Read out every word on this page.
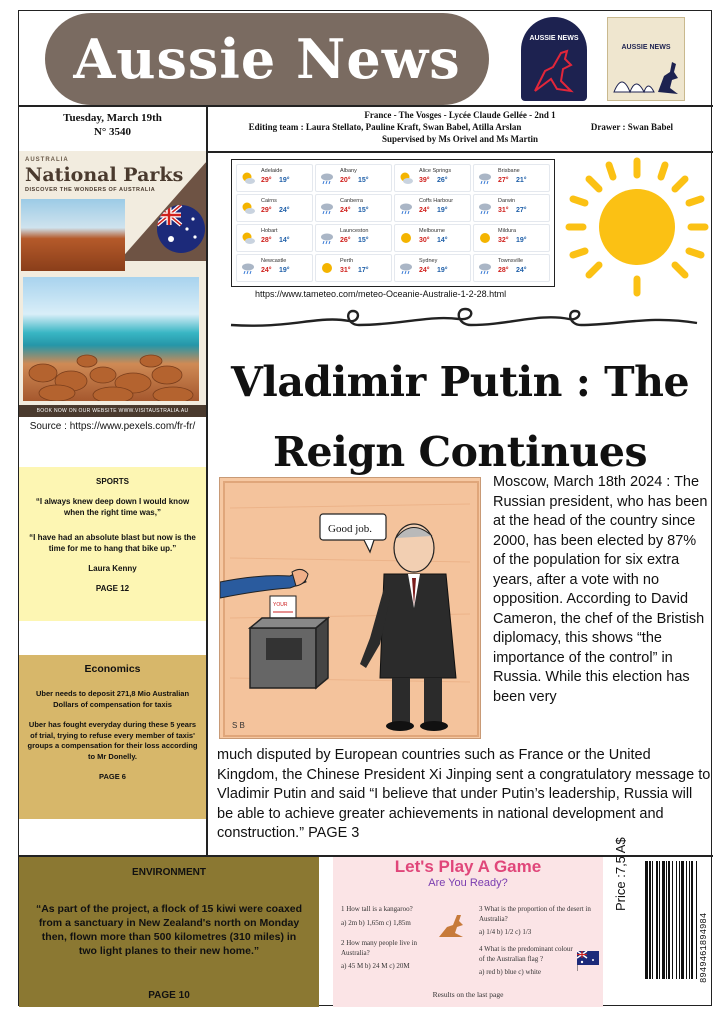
Aussie News	AUSSIE NEWS
AUSSIE NEWS
Tuesday, March 19th
N° 3540
France - The Vosges - Lycée Claude Gellée - 2nd 1
Editing team : Laura Stellato, Pauline Kraft, Swan Babel, Atilla Arslan	Drawer : Swan Babel
Supervised by Ms Orivel and Ms Martin
AUSTRALIA
National Parks
DISCOVER THE WONDERS OF AUSTRALIA
BOOK NOW ON OUR WEBSITE WWW.VISITAUSTRALIA.AU
Source : https://www.pexels.com/fr-fr/
SPORTS

“I always knew deep down I would know when the right time was,”

“I have had an absolute blast but now is the time for me to hang that bike up.”

Laura Kenny

PAGE 12

Economics

Uber needs to deposit 271,8 Mio Australian Dollars of compensation for taxis

Uber has fought everyday during these 5 years of trial, trying to refuse every member of taxis' groups a compensation for their loss according to Mr Donelly.

PAGE 6

Adelaide
29° 19°
Albany
20° 15°
Alice Springs
39° 26°
Brisbane
27° 21°
Cairns
29° 24°
Canberra
24° 15°
Coffs Harbour
24° 19°
Darwin
31° 27°
Hobart
28° 14°
Launceston
26° 15°
Melbourne
30° 14°
Mildura
32° 19°
Newcastle
24° 19°
Perth
31° 17°
Sydney
24° 19°
Townsville
28° 24°
https://www.tameteo.com/meteo-Oceanie-Australie-1-2-28.html
Vladimir Putin : The
Reign Continues
YOUR
Good job.
S B
Moscow, March 18th 2024 : The Russian president, who has been at the head of the country since 2000, has been elected by 87% of the population for six extra years, after a vote with no opposition. According to David Cameron, the chef of the Bristish diplomacy, this shows “the importance of the control” in Russia. While this election has been very
much disputed by European countries such as France or the United Kingdom, the Chinese President Xi Jinping sent a congratulatory message to Vladimir Putin and said “I believe that under Putin’s leadership, Russia will be able to achieve greater achievements in national development and construction.” PAGE 3
ENVIRONMENT

“As part of the project, a flock of 15 kiwi were coaxed from a sanctuary in New Zealand's north on Monday then, flown more than 500 kilometres (310 miles) in two light planes to their new home.”

PAGE 10
Let's Play A Game
Are You Ready?
1 How tall is a kangaroo?
a) 2m b) 1,65m c) 1,85m
2 How many people live in Australia?
a) 45 M b) 24 M c) 20M
3 What is the proportion of the desert in Australia?
a) 1/4 b) 1/2 c) 1/3
4 What is the predominant colour of the Australian flag ?
a) red b) blue c) white
Results on the last page
Price :7,5 A$
8949461894984
